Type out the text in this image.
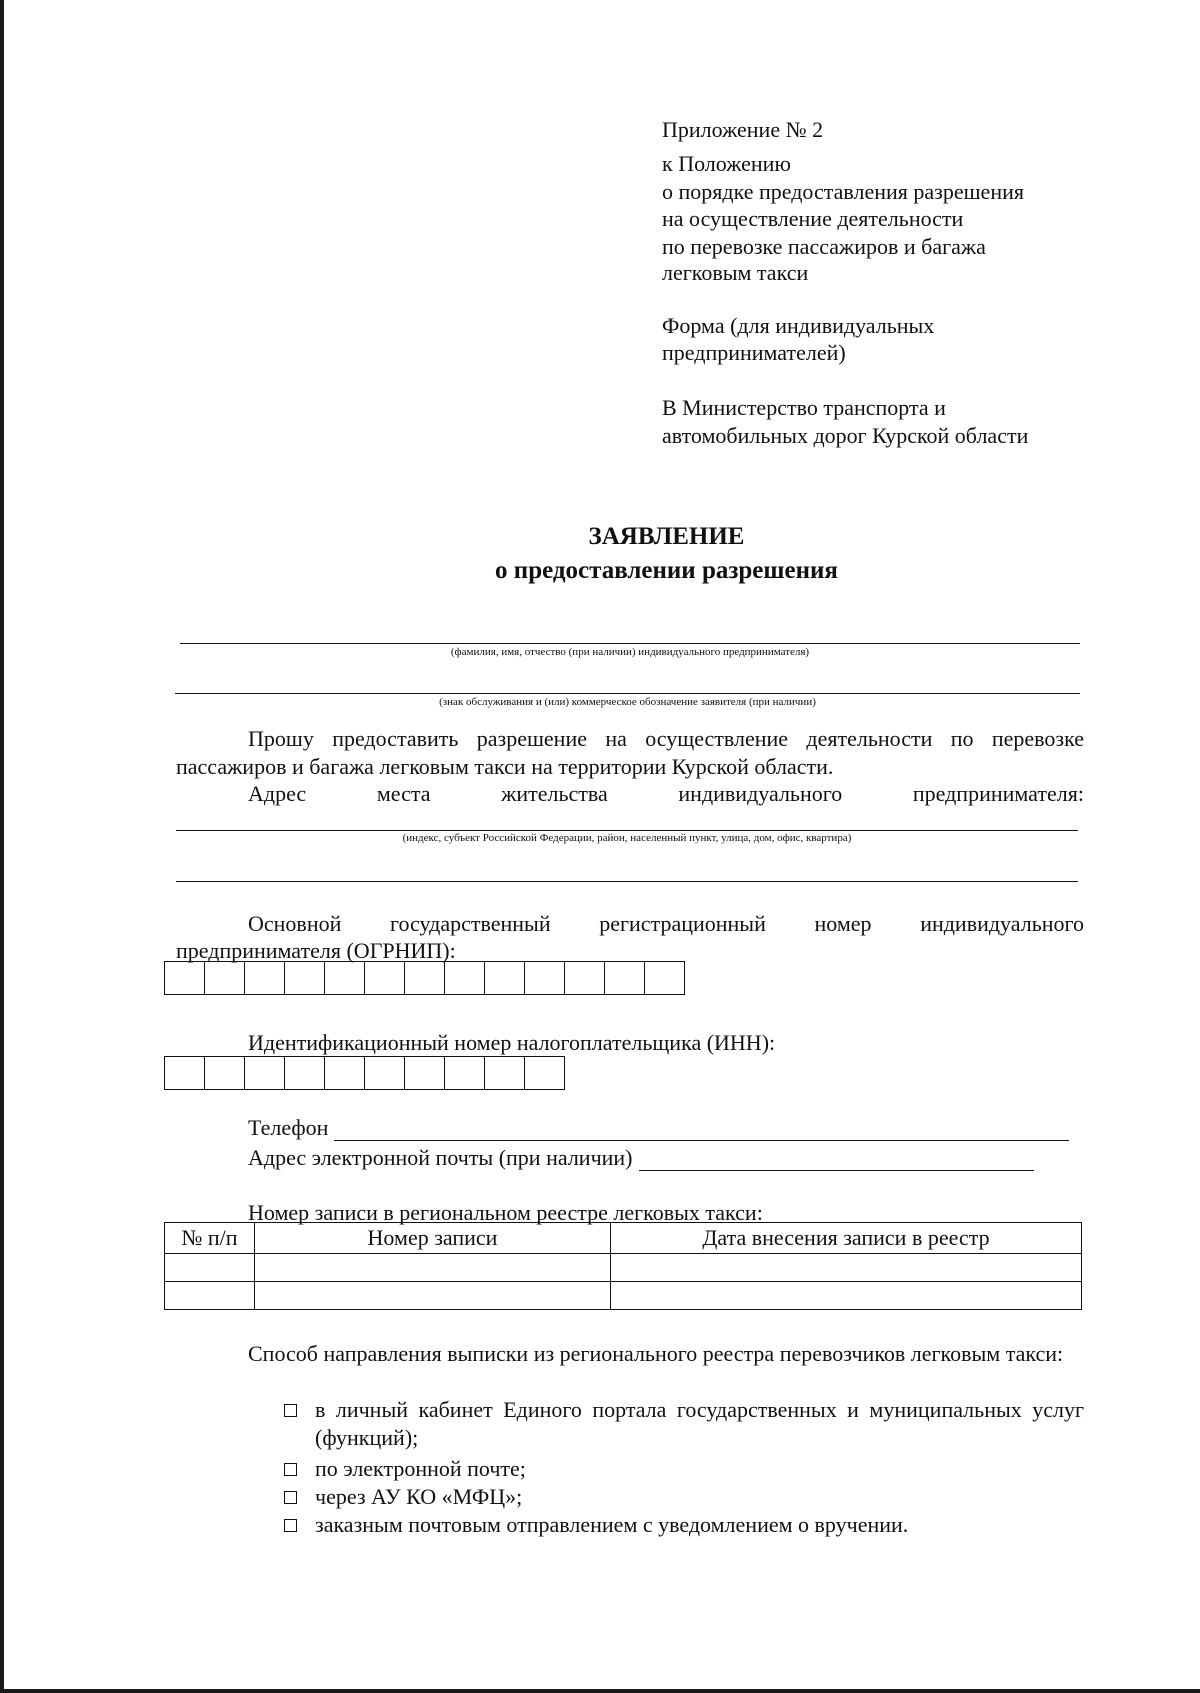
Приложение № 2
к Положению
о порядке предоставления разрешения
на осуществление деятельности
по перевозке пассажиров и багажа
легковым такси
Форма (для индивидуальных
предпринимателей)
В Министерство транспорта и
автомобильных дорог Курской области
ЗАЯВЛЕНИЕ
о предоставлении разрешения
(фамилия, имя, отчество (при наличии) индивидуального предпринимателя)
(знак обслуживания и (или) коммерческое обозначение заявителя (при наличии)
Прошу предоставить разрешение на осуществление деятельности по перевозке пассажиров и багажа легковым такси на территории Курской области.
Адрес	места	жительства	индивидуального	предпринимателя:
(индекс, субъект Российской Федерации, район, населенный пункт, улица, дом, офис, квартира)
Основной государственный регистрационный номер индивидуального
предпринимателя (ОГРНИП):
Идентификационный номер налогоплательщика (ИНН):
Телефон
Адрес электронной почты (при наличии)
Номер записи в региональном реестре легковых такси:
№ п/п	Номер записи	Дата внесения записи в реестр

Способ направления выписки из регионального реестра перевозчиков легковым такси:
в личный кабинет Единого портала государственных и муниципальных услуг (функций);
по электронной почте;
через АУ КО «МФЦ»;
заказным почтовым отправлением с уведомлением о вручении.
